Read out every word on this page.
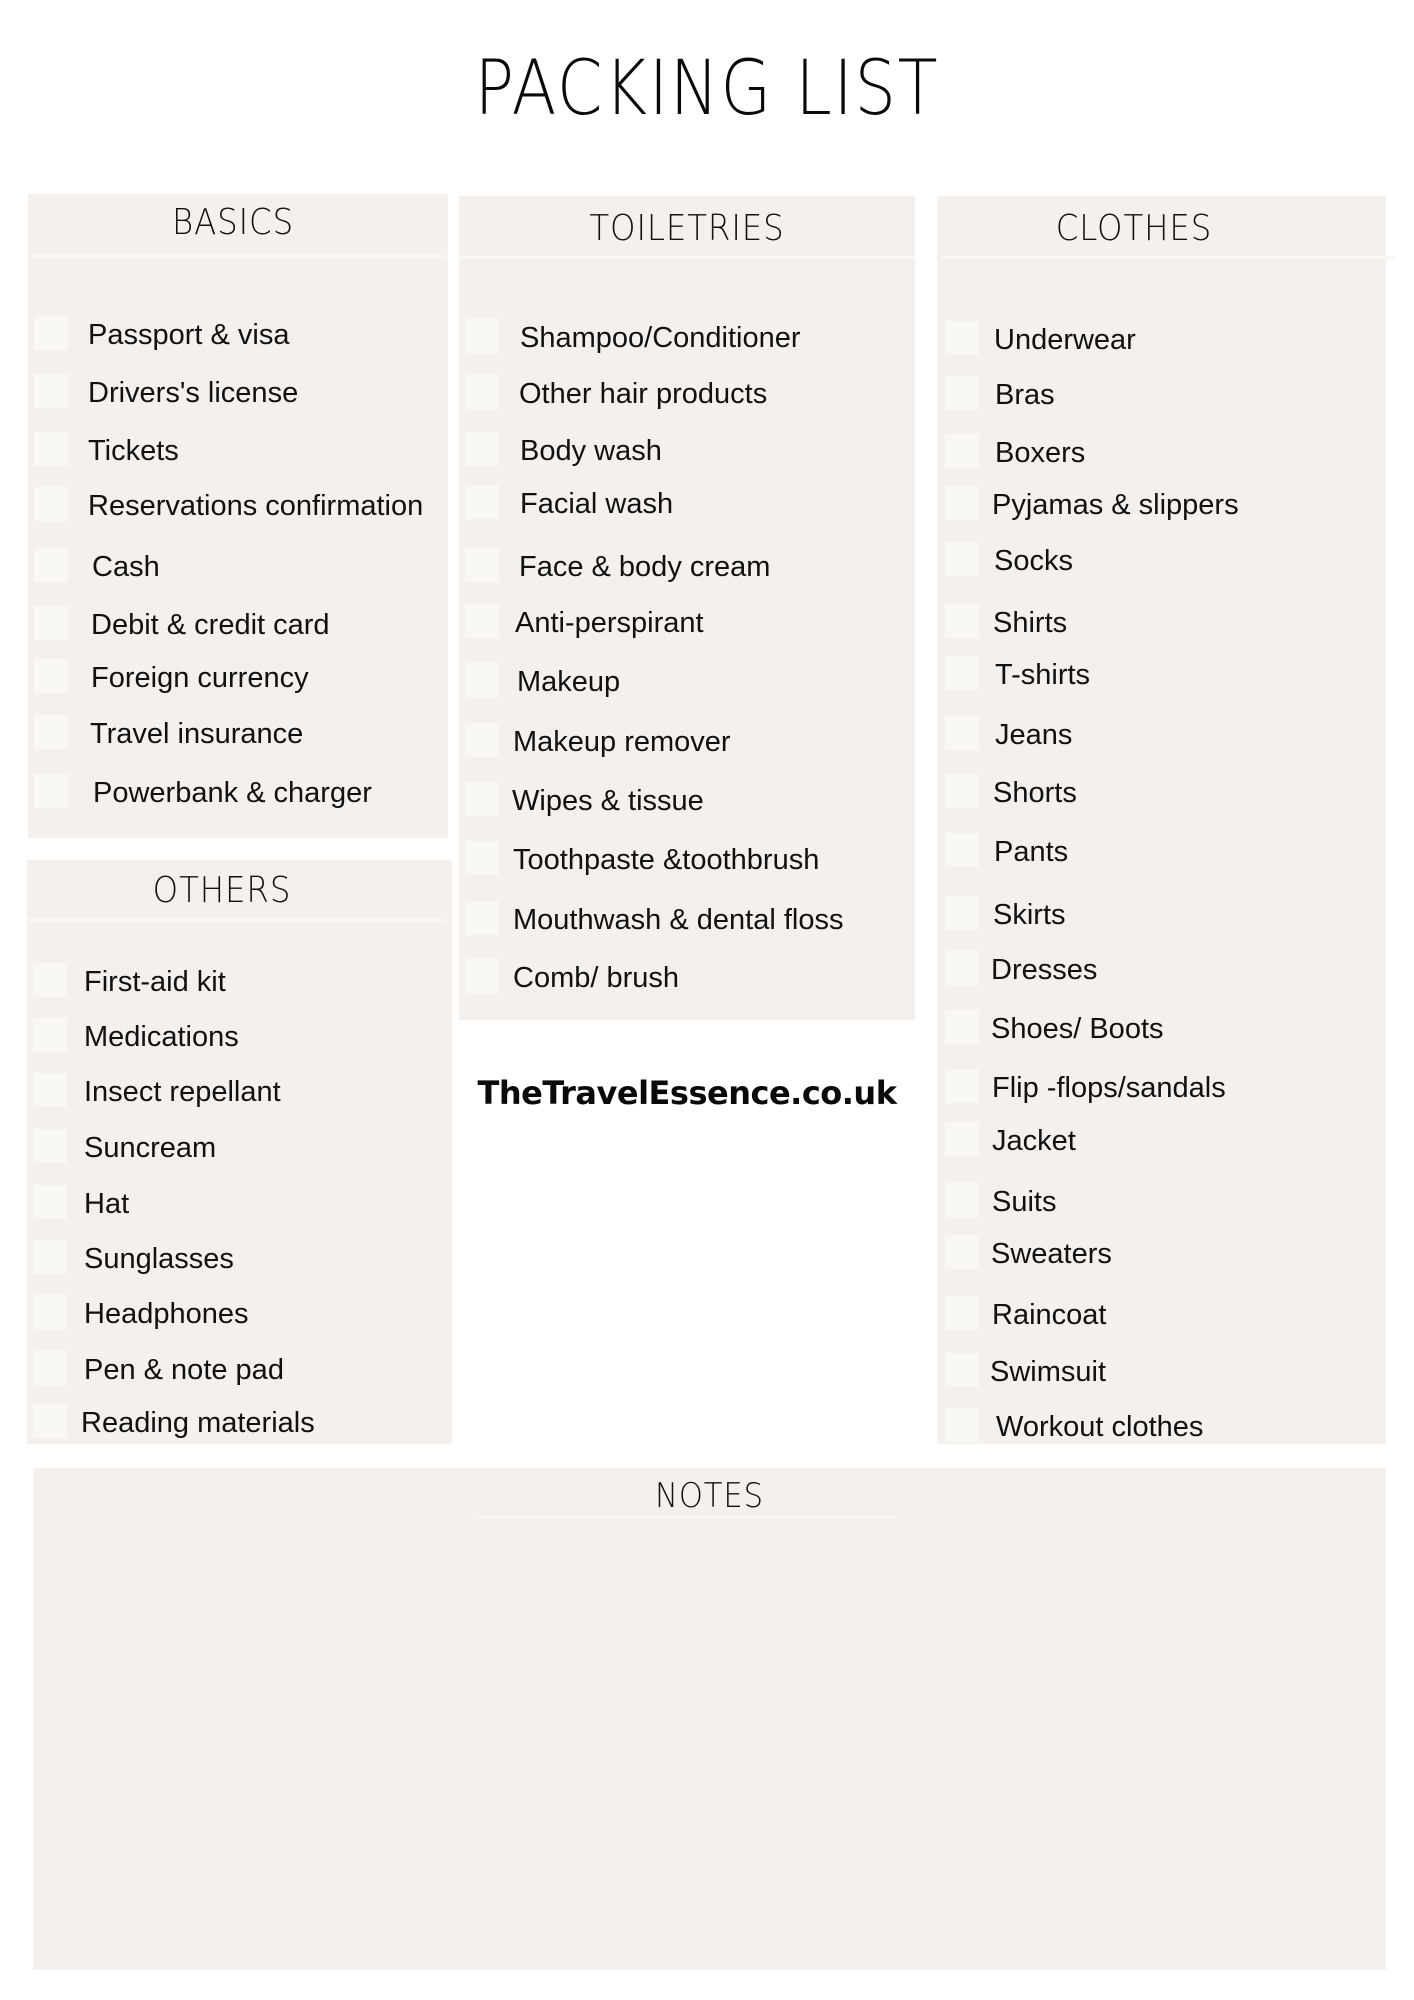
PACKING LIST
BASICS
Passport & visa
Drivers's license
Tickets
Reservations confirmation
Cash
Debit & credit card
Foreign currency
Travel insurance
Powerbank & charger
OTHERS
First-aid kit
Medications
Insect repellant
Suncream
Hat
Sunglasses
Headphones
Pen & note pad
Reading materials
TOILETRIES
Shampoo/Conditioner
Other hair products
Body wash
Facial wash
Face & body cream
Anti-perspirant
Makeup
Makeup remover
Wipes & tissue
Toothpaste &toothbrush
Mouthwash & dental floss
Comb/ brush
TheTravelEssence.co.uk
CLOTHES
Underwear
Bras
Boxers
Pyjamas & slippers
Socks
Shirts
T-shirts
Jeans
Shorts
Pants
Skirts
Dresses
Shoes/ Boots
Flip -flops/sandals
Jacket
Suits
Sweaters
Raincoat
Swimsuit
Workout clothes
NOTES
